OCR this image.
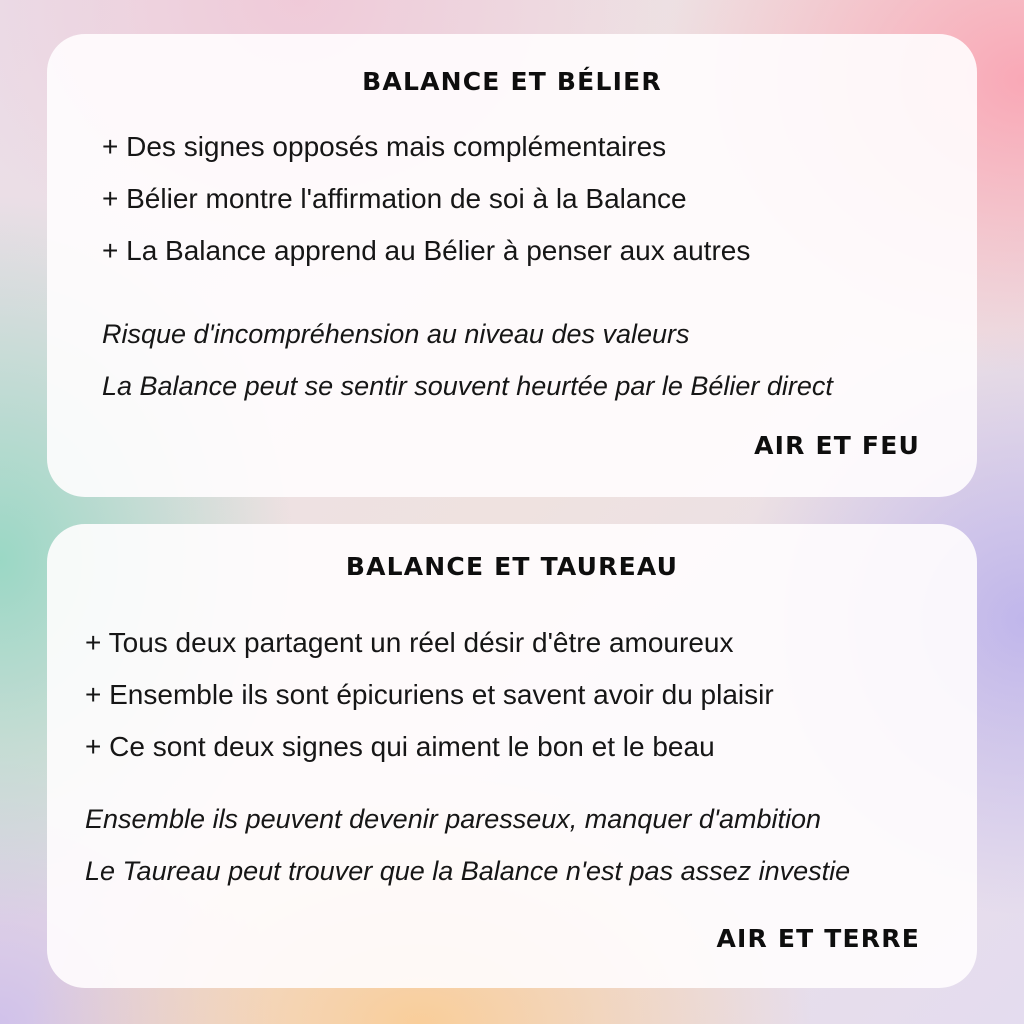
BALANCE ET BÉLIER
+ Des signes opposés mais complémentaires
+ Bélier montre l'affirmation de soi à la Balance
+ La Balance apprend au Bélier à penser aux autres
Risque d'incompréhension au niveau des valeurs
La Balance peut se sentir souvent heurtée par le Bélier direct
AIR ET FEU
BALANCE ET TAUREAU
+ Tous deux partagent un réel désir d'être amoureux
+ Ensemble ils sont épicuriens et savent avoir du plaisir
+ Ce sont deux signes qui aiment le bon et le beau
Ensemble ils peuvent devenir paresseux, manquer d'ambition
Le Taureau peut trouver que la Balance n'est pas assez investie
AIR ET TERRE
